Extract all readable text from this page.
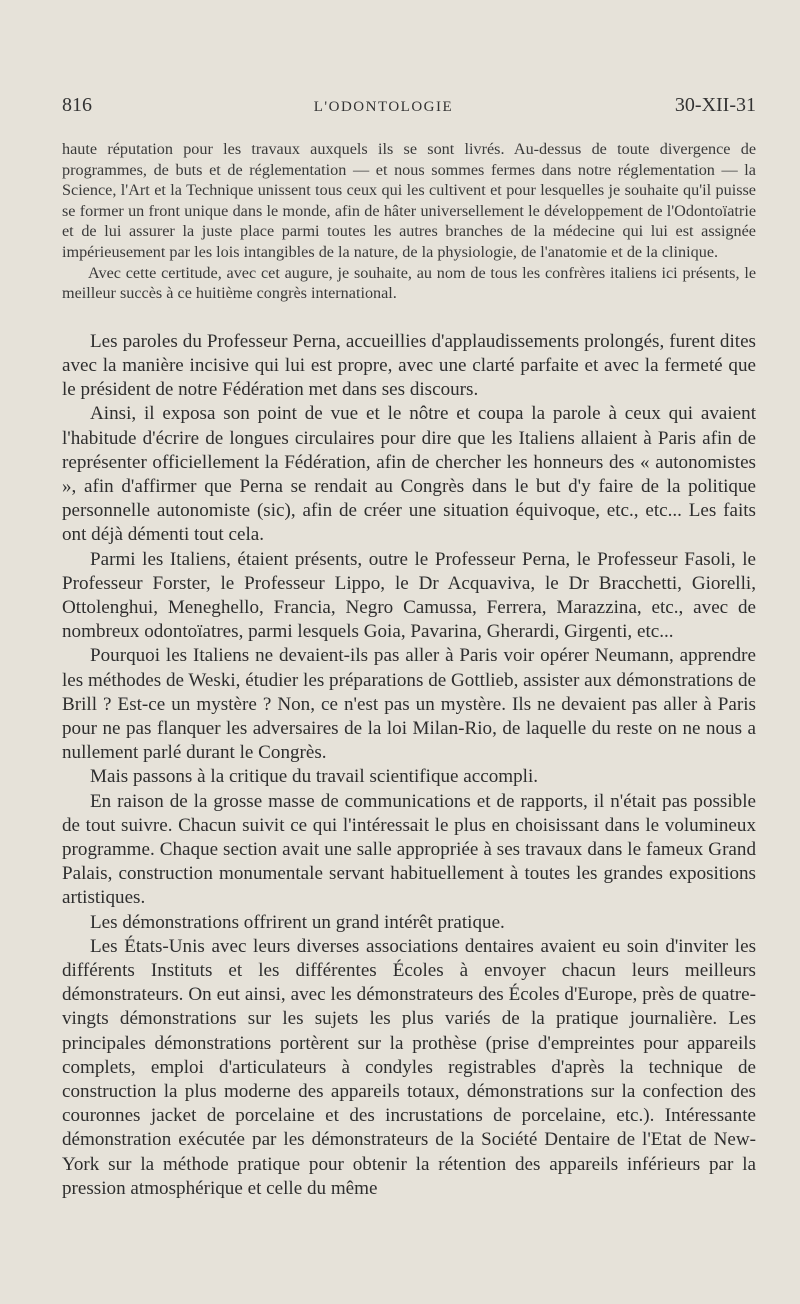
816	L'ODONTOLOGIE	30-XII-31

haute réputation pour les travaux auxquels ils se sont livrés. Au-dessus de toute divergence de programmes, de buts et de réglementation — et nous sommes fermes dans notre réglementation — la Science, l'Art et la Technique unissent tous ceux qui les cultivent et pour lesquelles je souhaite qu'il puisse se former un front unique dans le monde, afin de hâter universellement le développement de l'Odontoïatrie et de lui assurer la juste place parmi toutes les autres branches de la médecine qui lui est assignée impérieusement par les lois intangibles de la nature, de la physiologie, de l'anatomie et de la clinique.

Avec cette certitude, avec cet augure, je souhaite, au nom de tous les confrères italiens ici présents, le meilleur succès à ce huitième congrès international.

Les paroles du Professeur Perna, accueillies d'applaudissements prolongés, furent dites avec la manière incisive qui lui est propre, avec une clarté parfaite et avec la fermeté que le président de notre Fédération met dans ses discours.

Ainsi, il exposa son point de vue et le nôtre et coupa la parole à ceux qui avaient l'habitude d'écrire de longues circulaires pour dire que les Italiens allaient à Paris afin de représenter officiellement la Fédération, afin de chercher les honneurs des « autonomistes », afin d'affirmer que Perna se rendait au Congrès dans le but d'y faire de la politique personnelle autonomiste (sic), afin de créer une situation équivoque, etc., etc... Les faits ont déjà démenti tout cela.

Parmi les Italiens, étaient présents, outre le Professeur Perna, le Professeur Fasoli, le Professeur Forster, le Professeur Lippo, le Dr Acquaviva, le Dr Bracchetti, Giorelli, Ottolenghui, Meneghello, Francia, Negro Camussa, Ferrera, Marazzina, etc., avec de nombreux odontoïatres, parmi lesquels Goia, Pavarina, Gherardi, Girgenti, etc...

Pourquoi les Italiens ne devaient-ils pas aller à Paris voir opérer Neumann, apprendre les méthodes de Weski, étudier les préparations de Gottlieb, assister aux démonstrations de Brill ? Est-ce un mystère ? Non, ce n'est pas un mystère. Ils ne devaient pas aller à Paris pour ne pas flanquer les adversaires de la loi Milan-Rio, de laquelle du reste on ne nous a nullement parlé durant le Congrès.

Mais passons à la critique du travail scientifique accompli.

En raison de la grosse masse de communications et de rapports, il n'était pas possible de tout suivre. Chacun suivit ce qui l'intéressait le plus en choisissant dans le volumineux programme. Chaque section avait une salle appropriée à ses travaux dans le fameux Grand Palais, construction monumentale servant habituellement à toutes les grandes expositions artistiques.

Les démonstrations offrirent un grand intérêt pratique.

Les États-Unis avec leurs diverses associations dentaires avaient eu soin d'inviter les différents Instituts et les différentes Écoles à envoyer chacun leurs meilleurs démonstrateurs. On eut ainsi, avec les démonstrateurs des Écoles d'Europe, près de quatre-vingts démonstrations sur les sujets les plus variés de la pratique journalière. Les principales démonstrations portèrent sur la prothèse (prise d'empreintes pour appareils complets, emploi d'articulateurs à condyles registrables d'après la technique de construction la plus moderne des appareils totaux, démonstrations sur la confection des couronnes jacket de porcelaine et des incrustations de porcelaine, etc.). Intéressante démonstration exécutée par les démonstrateurs de la Société Dentaire de l'Etat de New-York sur la méthode pratique pour obtenir la rétention des appareils inférieurs par la pression atmosphérique et celle du même
